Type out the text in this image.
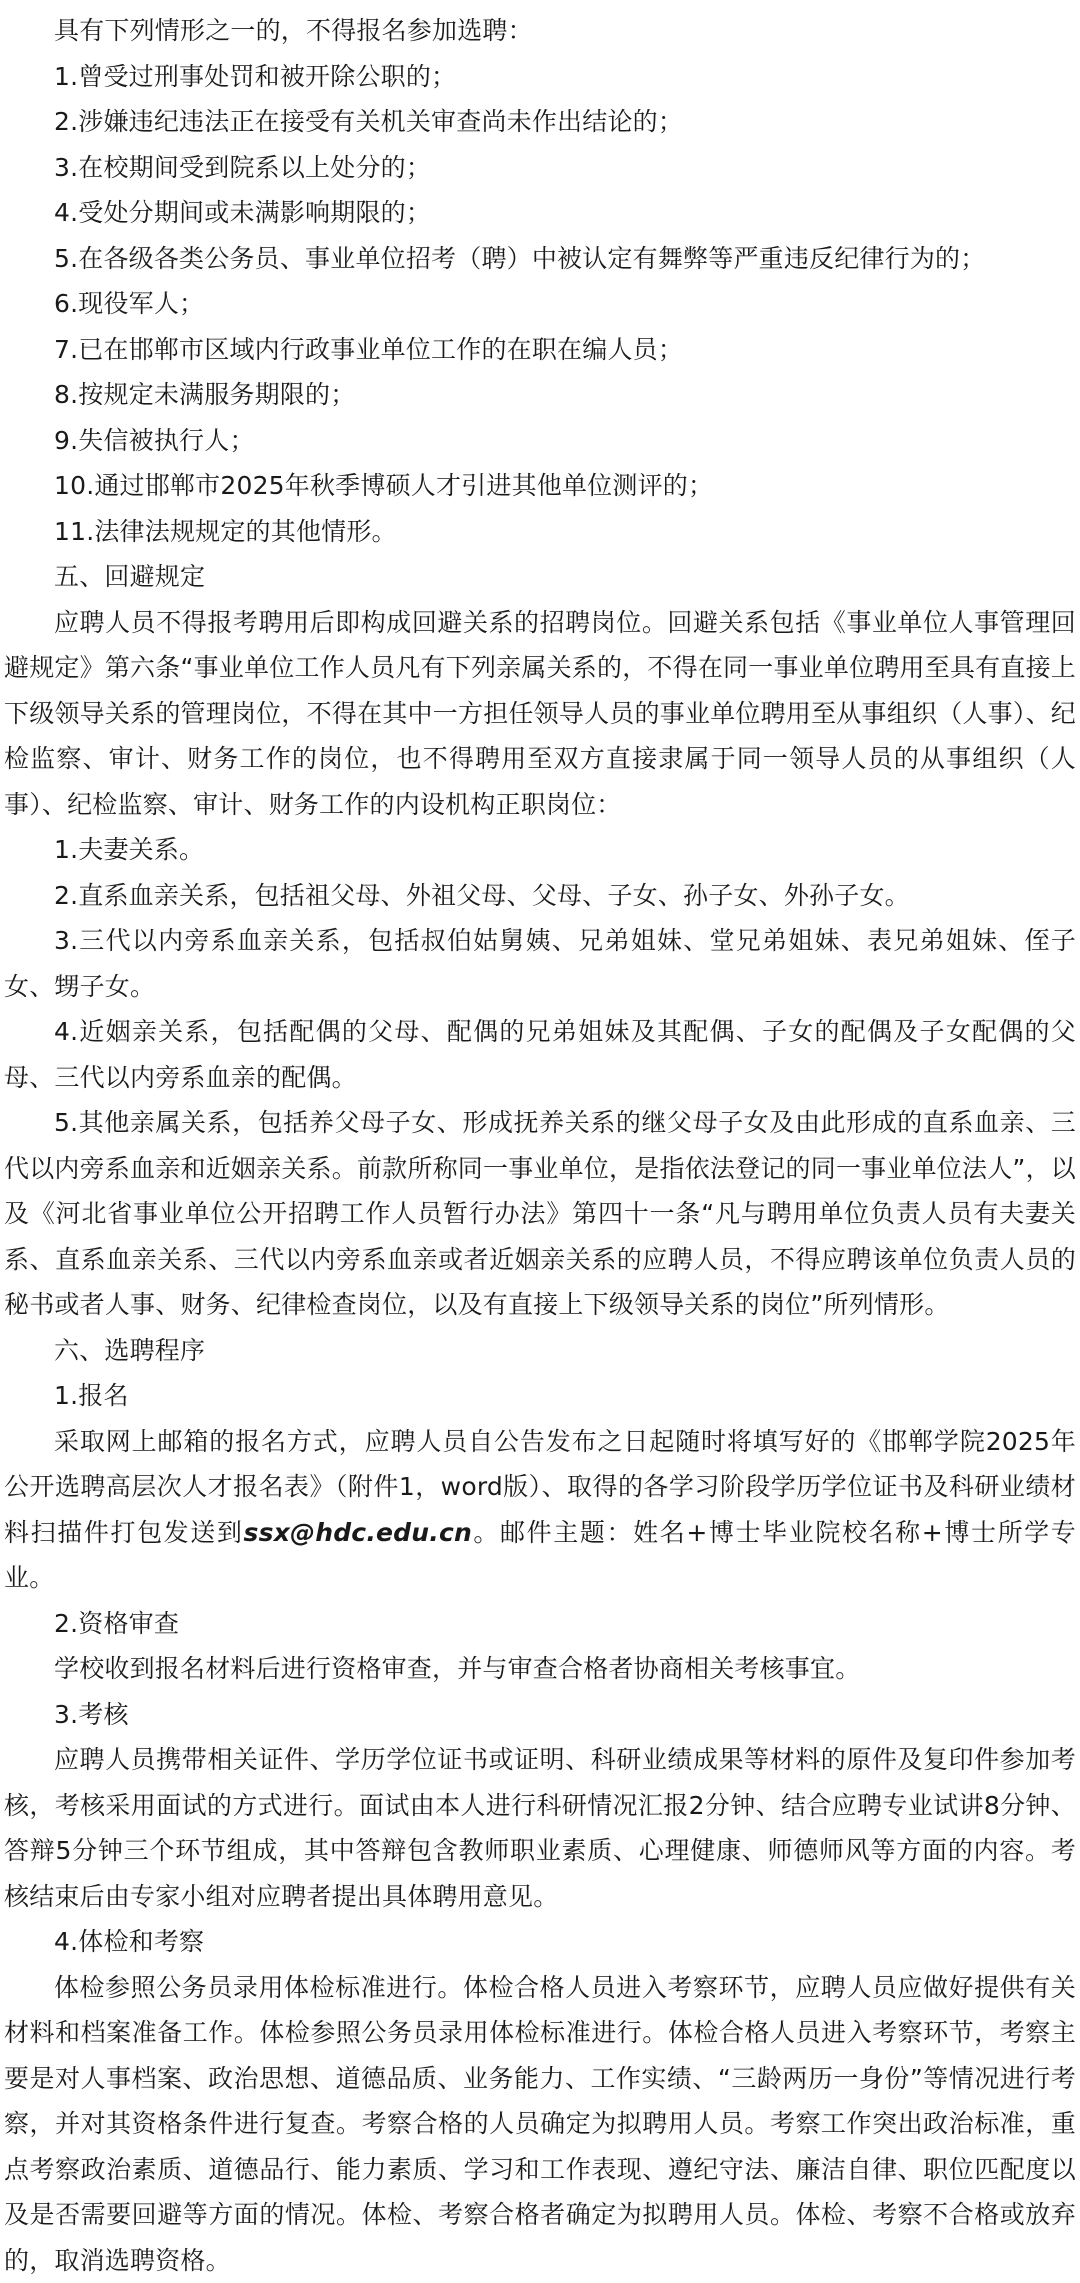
具有下列情形之一的，不得报名参加选聘：

1.曾受过刑事处罚和被开除公职的；

2.涉嫌违纪违法正在接受有关机关审查尚未作出结论的；

3.在校期间受到院系以上处分的；

4.受处分期间或未满影响期限的；

5.在各级各类公务员、事业单位招考（聘）中被认定有舞弊等严重违反纪律行为的；

6.现役军人；

7.已在邯郸市区域内行政事业单位工作的在职在编人员；

8.按规定未满服务期限的；

9.失信被执行人；

10.通过邯郸市2025年秋季博硕人才引进其他单位测评的；

11.法律法规规定的其他情形。

五、回避规定

应聘人员不得报考聘用后即构成回避关系的招聘岗位。回避关系包括《事业单位人事管理回避规定》第六条“事业单位工作人员凡有下列亲属关系的，不得在同一事业单位聘用至具有直接上下级领导关系的管理岗位，不得在其中一方担任领导人员的事业单位聘用至从事组织（人事）、纪检监察、审计、财务工作的岗位，也不得聘用至双方直接隶属于同一领导人员的从事组织（人事）、纪检监察、审计、财务工作的内设机构正职岗位：

1.夫妻关系。

2.直系血亲关系，包括祖父母、外祖父母、父母、子女、孙子女、外孙子女。

3.三代以内旁系血亲关系，包括叔伯姑舅姨、兄弟姐妹、堂兄弟姐妹、表兄弟姐妹、侄子女、甥子女。

4.近姻亲关系，包括配偶的父母、配偶的兄弟姐妹及其配偶、子女的配偶及子女配偶的父母、三代以内旁系血亲的配偶。

5.其他亲属关系，包括养父母子女、形成抚养关系的继父母子女及由此形成的直系血亲、三代以内旁系血亲和近姻亲关系。前款所称同一事业单位，是指依法登记的同一事业单位法人”，以及《河北省事业单位公开招聘工作人员暂行办法》第四十一条“凡与聘用单位负责人员有夫妻关系、直系血亲关系、三代以内旁系血亲或者近姻亲关系的应聘人员，不得应聘该单位负责人员的秘书或者人事、财务、纪律检查岗位，以及有直接上下级领导关系的岗位”所列情形。

六、选聘程序

1.报名

采取网上邮箱的报名方式，应聘人员自公告发布之日起随时将填写好的《邯郸学院2025年公开选聘高层次人才报名表》（附件1，word版）、取得的各学习阶段学历学位证书及科研业绩材料扫描件打包发送到ssx@hdc.edu.cn。邮件主题：姓名+博士毕业院校名称+博士所学专业。

2.资格审查

学校收到报名材料后进行资格审查，并与审查合格者协商相关考核事宜。

3.考核

应聘人员携带相关证件、学历学位证书或证明、科研业绩成果等材料的原件及复印件参加考核，考核采用面试的方式进行。面试由本人进行科研情况汇报2分钟、结合应聘专业试讲8分钟、答辩5分钟三个环节组成，其中答辩包含教师职业素质、心理健康、师德师风等方面的内容。考核结束后由专家小组对应聘者提出具体聘用意见。

4.体检和考察

体检参照公务员录用体检标准进行。体检合格人员进入考察环节，应聘人员应做好提供有关材料和档案准备工作。体检参照公务员录用体检标准进行。体检合格人员进入考察环节，考察主要是对人事档案、政治思想、道德品质、业务能力、工作实绩、“三龄两历一身份”等情况进行考察，并对其资格条件进行复查。考察合格的人员确定为拟聘用人员。考察工作突出政治标准，重点考察政治素质、道德品行、能力素质、学习和工作表现、遵纪守法、廉洁自律、职位匹配度以及是否需要回避等方面的情况。体检、考察合格者确定为拟聘用人员。体检、考察不合格或放弃的，取消选聘资格。
